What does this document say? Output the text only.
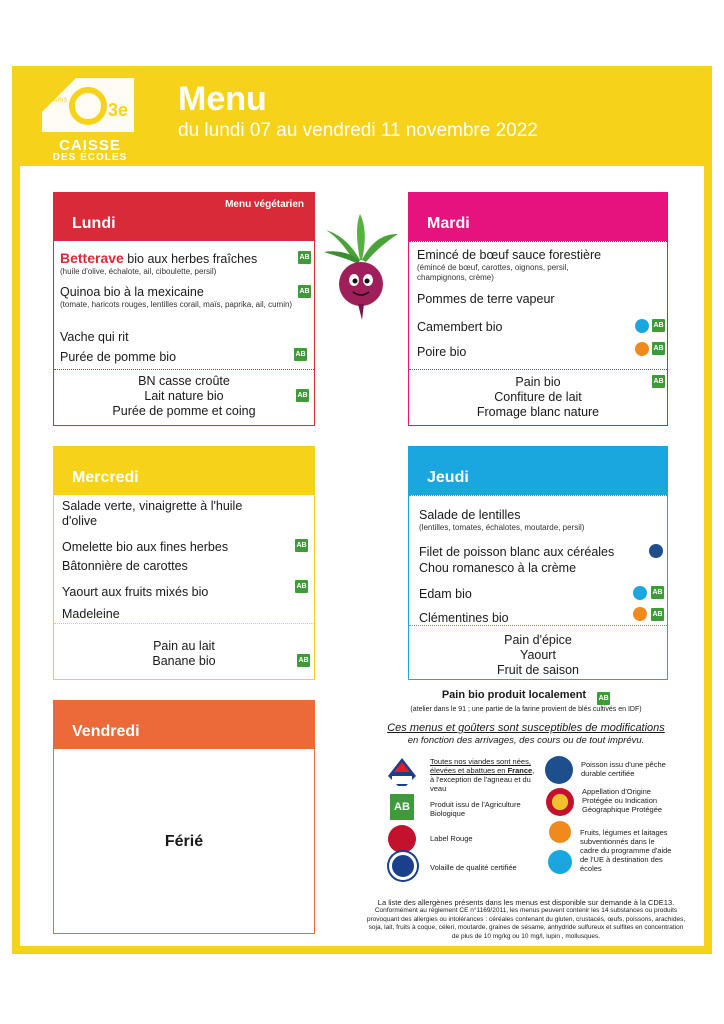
3e
PARIS
CAISSE
DES ÉCOLES
Menu
du lundi 07 au vendredi 11 novembre 2022
Menu végétarien
Lundi
Betterave bio aux herbes fraîches
(huile d'olive, échalote, ail, ciboulette, persil)
AB
Quinoa bio à la mexicaine
(tomate, haricots rouges, lentilles corail, maïs, paprika, ail, cumin)
AB
Vache qui rit
Purée de pomme bio	AB
BN casse croûte
Lait nature bio
Purée de pomme et coing
AB
Mardi
Emincé de bœuf sauce forestière
(émincé de bœuf, carottes, oignons, persil, champignons, crème)
Pommes de terre vapeur
Camembert bio	AB
Poire bio	AB
Pain bio
Confiture de lait
Fromage blanc nature
AB
Mercredi
Salade verte, vinaigrette à l'huile d'olive
Omelette bio aux fines herbes	AB
Bâtonnière de carottes
Yaourt aux fruits mixés bio	AB
Madeleine
Pain au lait
Banane bio	AB
Jeudi
Salade de lentilles
(lentilles, tomates, échalotes, moutarde, persil)
Filet de poisson blanc aux céréales
Chou romanesco à la crème
Edam bio	AB
Clémentines bio	AB
Pain d'épice
Yaourt
Fruit de saison
Vendredi
Férié
Pain bio produit localement AB
(atelier dans le 91 ; une partie de la farine provient de blés cultivés en IDF)
Ces menus et goûters sont susceptibles de modifications
en fonction des arrivages, des cours ou de tout imprévu.
Toutes nos viandes sont nées, élevées et abattues en France, à l'exception de l'agneau et du veau
Poisson issu d'une pêche durable certifiée
AB	Produit issu de l'Agriculture Biologique
Appellation d'Origine Protégée ou Indication Géographique Protégée
Label Rouge
Fruits, légumes et laitages subventionnés dans le cadre du programme d'aide de l'UE à destination des écoles
Volaille de qualité certifiée
La liste des allergènes présents dans les menus est disponible sur demande à la CDE13.
Conformément au règlement CE n°1169/2011, les menus peuvent contenir les 14 substances ou produits provoquant des allergies ou intolérances : céréales contenant du gluten, crustacés, œufs, poissons, arachides, soja, lait, fruits à coque, céleri, moutarde, graines de sésame, anhydride sulfureux et sulfites en concentration de plus de 10 mg/kg ou 10 mg/l, lupin , mollusques.
